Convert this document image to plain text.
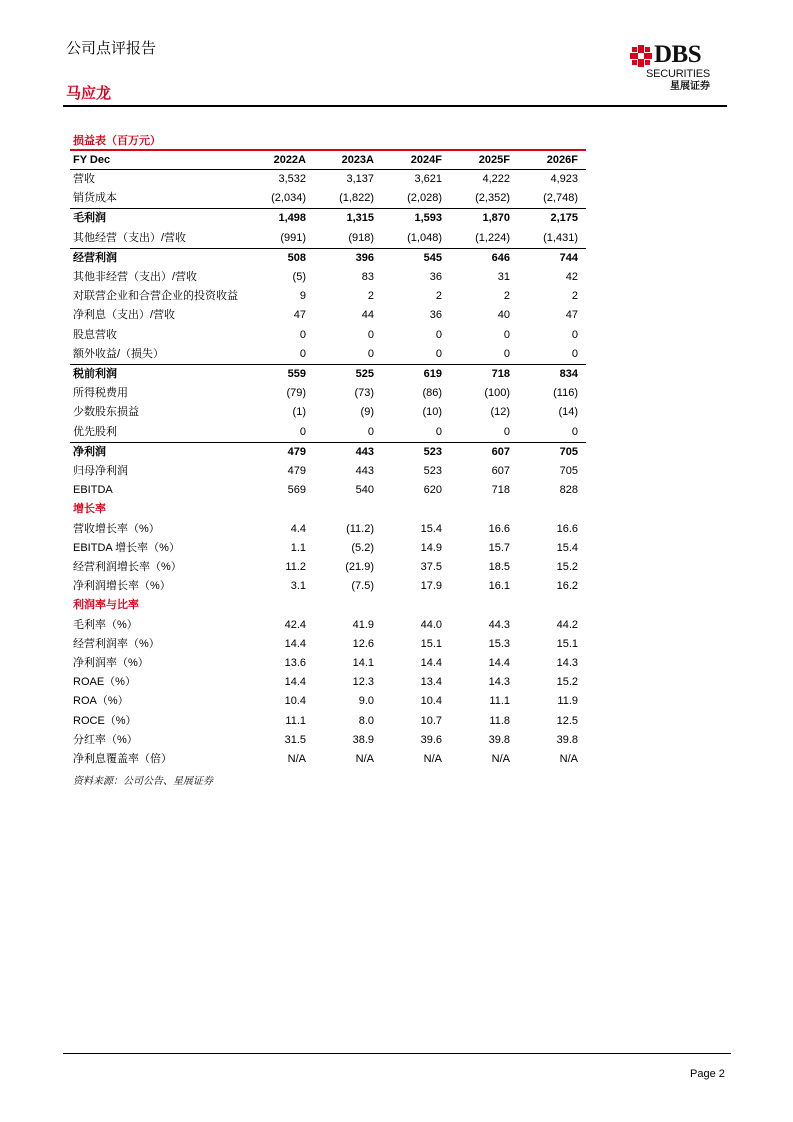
公司点评报告	DBS
SECURITIES
星展证券
马应龙
损益表（百万元）
FY Dec	2022A	2023A	2024F	2025F	2026F
营收	3,532	3,137	3,621	4,222	4,923
销货成本	(2,034)	(1,822)	(2,028)	(2,352)	(2,748)
毛利润	1,498	1,315	1,593	1,870	2,175
其他经营（支出）/营收	(991)	(918)	(1,048)	(1,224)	(1,431)
经营利润	508	396	545	646	744
其他非经营（支出）/营收	(5)	83	36	31	42
对联营企业和合营企业的投资收益	9	2	2	2	2
净利息（支出）/营收	47	44	36	40	47
股息营收	0	0	0	0	0
额外收益/（损失）	0	0	0	0	0
税前利润	559	525	619	718	834
所得税费用	(79)	(73)	(86)	(100)	(116)
少数股东损益	(1)	(9)	(10)	(12)	(14)
优先股利	0	0	0	0	0
净利润	479	443	523	607	705
归母净利润	479	443	523	607	705
EBITDA	569	540	620	718	828
增长率					
营收增长率（%）	4.4	(11.2)	15.4	16.6	16.6
EBITDA 增长率（%）	1.1	(5.2)	14.9	15.7	15.4
经营利润增长率（%）	11.2	(21.9)	37.5	18.5	15.2
净利润增长率（%）	3.1	(7.5)	17.9	16.1	16.2
利润率与比率					
毛利率（%）	42.4	41.9	44.0	44.3	44.2
经营利润率（%）	14.4	12.6	15.1	15.3	15.1
净利润率（%）	13.6	14.1	14.4	14.4	14.3
ROAE（%）	14.4	12.3	13.4	14.3	15.2
ROA（%）	10.4	9.0	10.4	11.1	11.9
ROCE（%）	11.1	8.0	10.7	11.8	12.5
分红率（%）	31.5	38.9	39.6	39.8	39.8
净利息覆盖率（倍）	N/A	N/A	N/A	N/A	N/A
资料来源：公司公告、星展证券
Page 2
